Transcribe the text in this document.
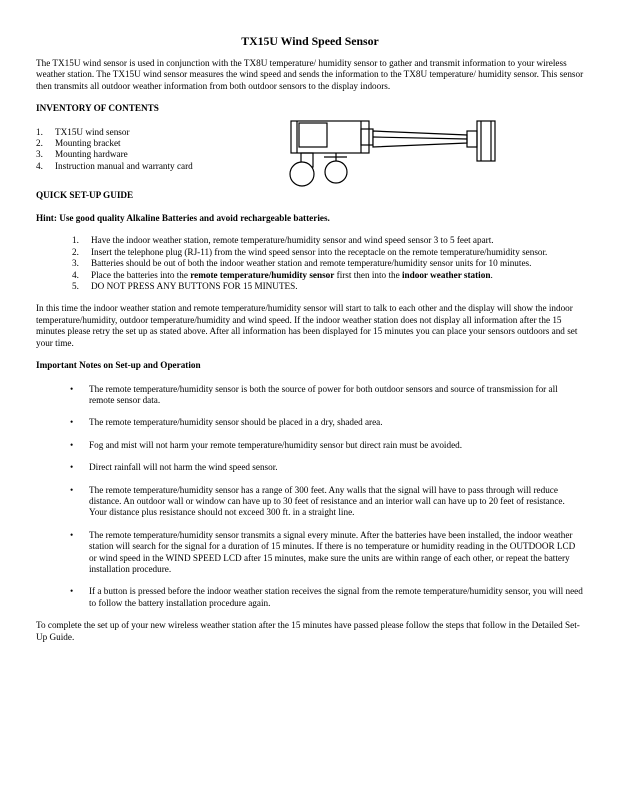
TX15U Wind Speed Sensor

The TX15U wind sensor is used in conjunction with the TX8U temperature/ humidity sensor to gather and transmit information to your wireless weather station. The TX15U wind sensor measures the wind speed and sends the information to the TX8U temperature/ humidity sensor. This sensor then transmits all outdoor weather information from both outdoor sensors to the display indoors.

INVENTORY OF CONTENTS
1.	TX15U wind sensor
2.	Mounting bracket
3.	Mounting hardware
4.	Instruction manual and warranty card
QUICK SET-UP GUIDE
Hint: Use good quality Alkaline Batteries and avoid rechargeable batteries.
1.	Have the indoor weather station, remote temperature/humidity sensor and wind speed sensor 3 to 5 feet apart.
2.	Insert the telephone plug (RJ-11) from the wind speed sensor into the receptacle on the remote temperature/humidity sensor.
3.	Batteries should be out of both the indoor weather station and remote temperature/humidity sensor units for 10 minutes.
4.	Place the batteries into the remote temperature/humidity sensor first then into the indoor weather station.
5.	DO NOT PRESS ANY BUTTONS FOR 15 MINUTES.

In this time the indoor weather station and remote temperature/humidity sensor will start to talk to each other and the display will show the indoor temperature/humidity, outdoor temperature/humidity and wind speed. If the indoor weather station does not display all information after the 15 minutes please retry the set up as stated above. After all information has been displayed for 15 minutes you can place your sensors outdoors and set your time.

Important Notes on Set-up and Operation
•	The remote temperature/humidity sensor is both the source of power for both outdoor sensors and source of transmission for all remote sensor data.
•	The remote temperature/humidity sensor should be placed in a dry, shaded area.
•	Fog and mist will not harm your remote temperature/humidity sensor but direct rain must be avoided.
•	Direct rainfall will not harm the wind speed sensor.
•	The remote temperature/humidity sensor has a range of 300 feet. Any walls that the signal will have to pass through will reduce distance. An outdoor wall or window can have up to 30 feet of resistance and an interior wall can have up to 20 feet of resistance. Your distance plus resistance should not exceed 300 ft. in a straight line.
•	The remote temperature/humidity sensor transmits a signal every minute. After the batteries have been installed, the indoor weather station will search for the signal for a duration of 15 minutes. If there is no temperature or humidity reading in the OUTDOOR LCD or wind speed in the WIND SPEED LCD after 15 minutes, make sure the units are within range of each other, or repeat the battery installation procedure.
•	If a button is pressed before the indoor weather station receives the signal from the remote temperature/humidity sensor, you will need to follow the battery installation procedure again.

To complete the set up of your new wireless weather station after the 15 minutes have passed please follow the steps that follow in the Detailed Set-Up Guide.
